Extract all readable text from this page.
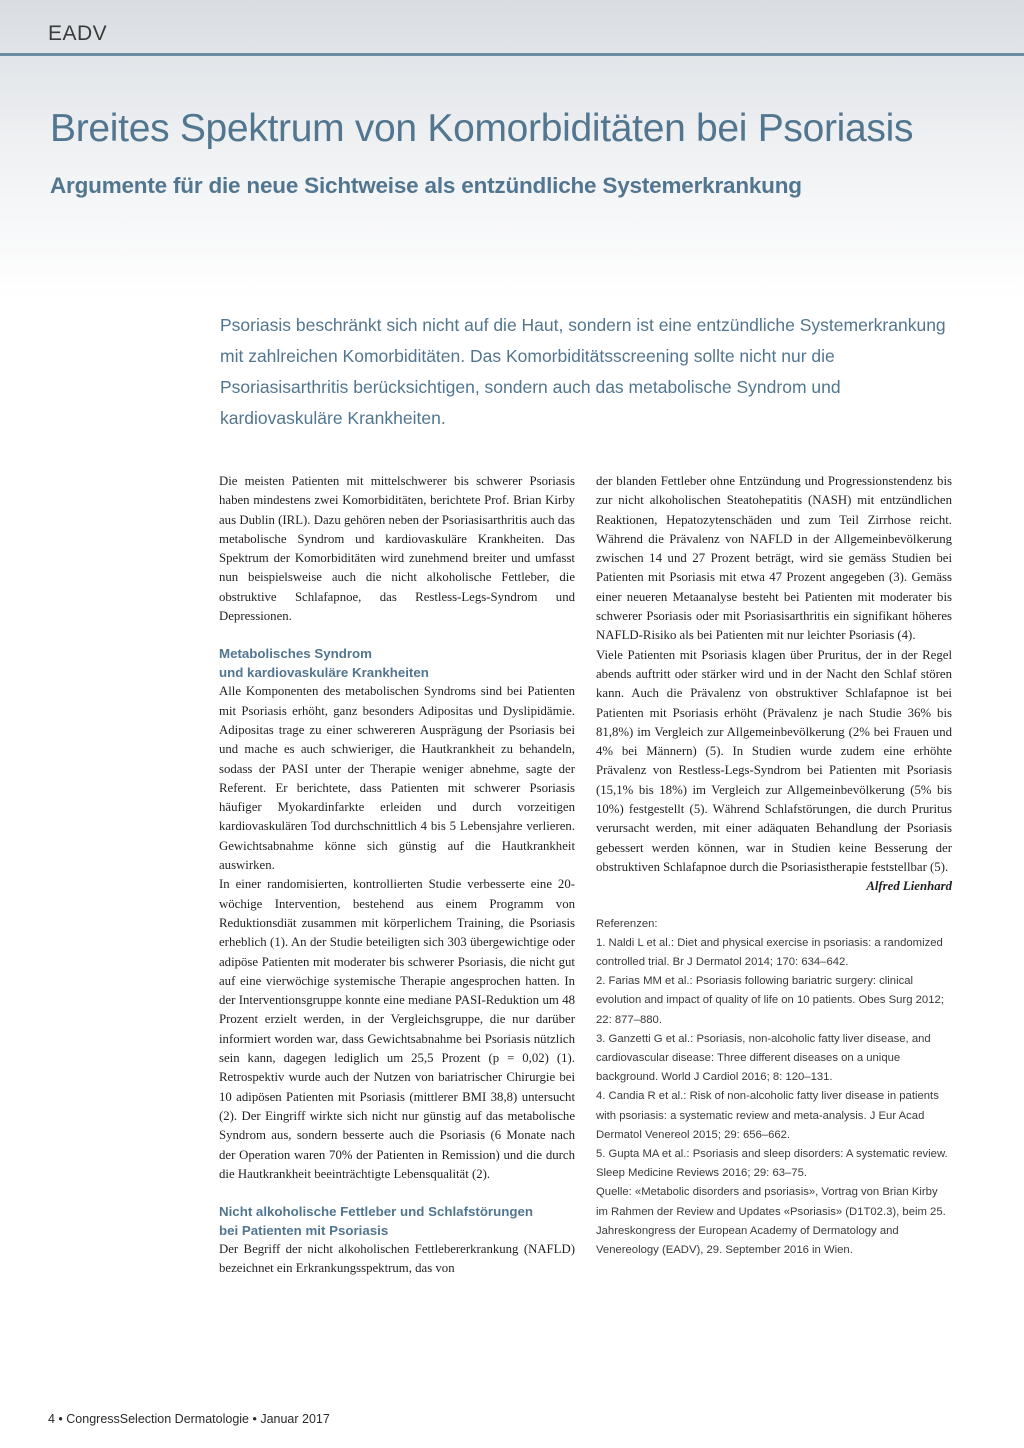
EADV
Breites Spektrum von Komorbiditäten bei Psoriasis
Argumente für die neue Sichtweise als entzündliche Systemerkrankung

Psoriasis beschränkt sich nicht auf die Haut, sondern ist eine entzündliche Systemerkrankung mit zahlreichen Komorbiditäten. Das Komorbiditätsscreening sollte nicht nur die Psoriasisarthritis berücksichtigen, sondern auch das metabolische Syndrom und kardiovaskuläre Krankheiten.

Die meisten Patienten mit mittelschwerer bis schwerer Psoriasis haben mindestens zwei Komorbiditäten, berichtete Prof. Brian Kirby aus Dublin (IRL). Dazu gehören neben der Psoriasisarthritis auch das metabolische Syndrom und kardiovaskuläre Krankheiten. Das Spektrum der Komorbiditäten wird zunehmend breiter und umfasst nun beispielsweise auch die nicht alkoholische Fettleber, die obstruktive Schlafapnoe, das Restless-Legs-Syndrom und Depressionen.

Metabolisches Syndrom
und kardiovaskuläre Krankheiten

Alle Komponenten des metabolischen Syndroms sind bei Patienten mit Psoriasis erhöht, ganz besonders Adipositas und Dyslipidämie. Adipositas trage zu einer schwereren Ausprägung der Psoriasis bei und mache es auch schwieriger, die Hautkrankheit zu behandeln, sodass der PASI unter der Therapie weniger abnehme, sagte der Referent. Er berichtete, dass Patienten mit schwerer Psoriasis häufiger Myokardinfarkte erleiden und durch vorzeitigen kardiovaskulären Tod durchschnittlich 4 bis 5 Lebensjahre verlieren. Gewichtsabnahme könne sich günstig auf die Hautkrankheit auswirken.

In einer randomisierten, kontrollierten Studie verbesserte eine 20-wöchige Intervention, bestehend aus einem Programm von Reduktionsdiät zusammen mit körperlichem Training, die Psoriasis erheblich (1). An der Studie beteiligten sich 303 übergewichtige oder adipöse Patienten mit moderater bis schwerer Psoriasis, die nicht gut auf eine vierwöchige systemische Therapie angesprochen hatten. In der Interventionsgruppe konnte eine mediane PASI-Reduktion um 48 Prozent erzielt werden, in der Vergleichsgruppe, die nur darüber informiert worden war, dass Gewichtsabnahme bei Psoriasis nützlich sein kann, dagegen lediglich um 25,5 Prozent (p = 0,02) (1). Retrospektiv wurde auch der Nutzen von bariatrischer Chirurgie bei 10 adipösen Patienten mit Psoriasis (mittlerer BMI 38,8) untersucht (2). Der Eingriff wirkte sich nicht nur günstig auf das metabolische Syndrom aus, sondern besserte auch die Psoriasis (6 Monate nach der Operation waren 70% der Patienten in Remission) und die durch die Hautkrankheit beeinträchtigte Lebensqualität (2).

Nicht alkoholische Fettleber und Schlafstörungen
bei Patienten mit Psoriasis

Der Begriff der nicht alkoholischen Fettlebererkrankung (NAFLD) bezeichnet ein Erkrankungsspektrum, das von

der blanden Fettleber ohne Entzündung und Progressionstendenz bis zur nicht alkoholischen Steatohepatitis (NASH) mit entzündlichen Reaktionen, Hepatozytenschäden und zum Teil Zirrhose reicht. Während die Prävalenz von NAFLD in der Allgemeinbevölkerung zwischen 14 und 27 Prozent beträgt, wird sie gemäss Studien bei Patienten mit Psoriasis mit etwa 47 Prozent angegeben (3). Gemäss einer neueren Metaanalyse besteht bei Patienten mit moderater bis schwerer Psoriasis oder mit Psoriasisarthritis ein signifikant höheres NAFLD-Risiko als bei Patienten mit nur leichter Psoriasis (4).

Viele Patienten mit Psoriasis klagen über Pruritus, der in der Regel abends auftritt oder stärker wird und in der Nacht den Schlaf stören kann. Auch die Prävalenz von obstruktiver Schlafapnoe ist bei Patienten mit Psoriasis erhöht (Prävalenz je nach Studie 36% bis 81,8%) im Vergleich zur Allgemeinbevölkerung (2% bei Frauen und 4% bei Männern) (5). In Studien wurde zudem eine erhöhte Prävalenz von Restless-Legs-Syndrom bei Patienten mit Psoriasis (15,1% bis 18%) im Vergleich zur Allgemeinbevölkerung (5% bis 10%) festgestellt (5). Während Schlafstörungen, die durch Pruritus verursacht werden, mit einer adäquaten Behandlung der Psoriasis gebessert werden können, war in Studien keine Besserung der obstruktiven Schlafapnoe durch die Psoriasistherapie feststellbar (5).

Alfred Lienhard

Referenzen:

1. Naldi L et al.: Diet and physical exercise in psoriasis: a randomized controlled trial. Br J Dermatol 2014; 170: 634–642.

2. Farias MM et al.: Psoriasis following bariatric surgery: clinical evolution and impact of quality of life on 10 patients. Obes Surg 2012; 22: 877–880.

3. Ganzetti G et al.: Psoriasis, non-alcoholic fatty liver disease, and cardiovascular disease: Three different diseases on a unique background. World J Cardiol 2016; 8: 120–131.

4. Candia R et al.: Risk of non-alcoholic fatty liver disease in patients with psoriasis: a systematic review and meta-analysis. J Eur Acad Dermatol Venereol 2015; 29: 656–662.

5. Gupta MA et al.: Psoriasis and sleep disorders: A systematic review. Sleep Medicine Reviews 2016; 29: 63–75.

Quelle: «Metabolic disorders and psoriasis», Vortrag von Brian Kirby im Rahmen der Review and Updates «Psoriasis» (D1T02.3), beim 25. Jahreskongress der European Academy of Dermatology and Venereology (EADV), 29. September 2016 in Wien.

4 • CongressSelection Dermatologie • Januar 2017
